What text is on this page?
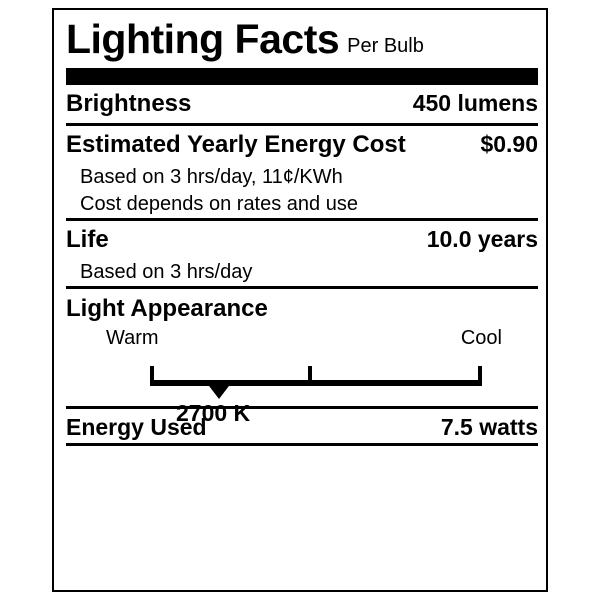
Lighting Facts Per Bulb
Brightness	450 lumens
Estimated Yearly Energy Cost	$0.90
Based on 3 hrs/day, 11¢/KWh
Cost depends on rates and use
Life	10.0 years
Based on 3 hrs/day
Light Appearance
Warm	Cool
2700 K
Energy Used	7.5 watts
